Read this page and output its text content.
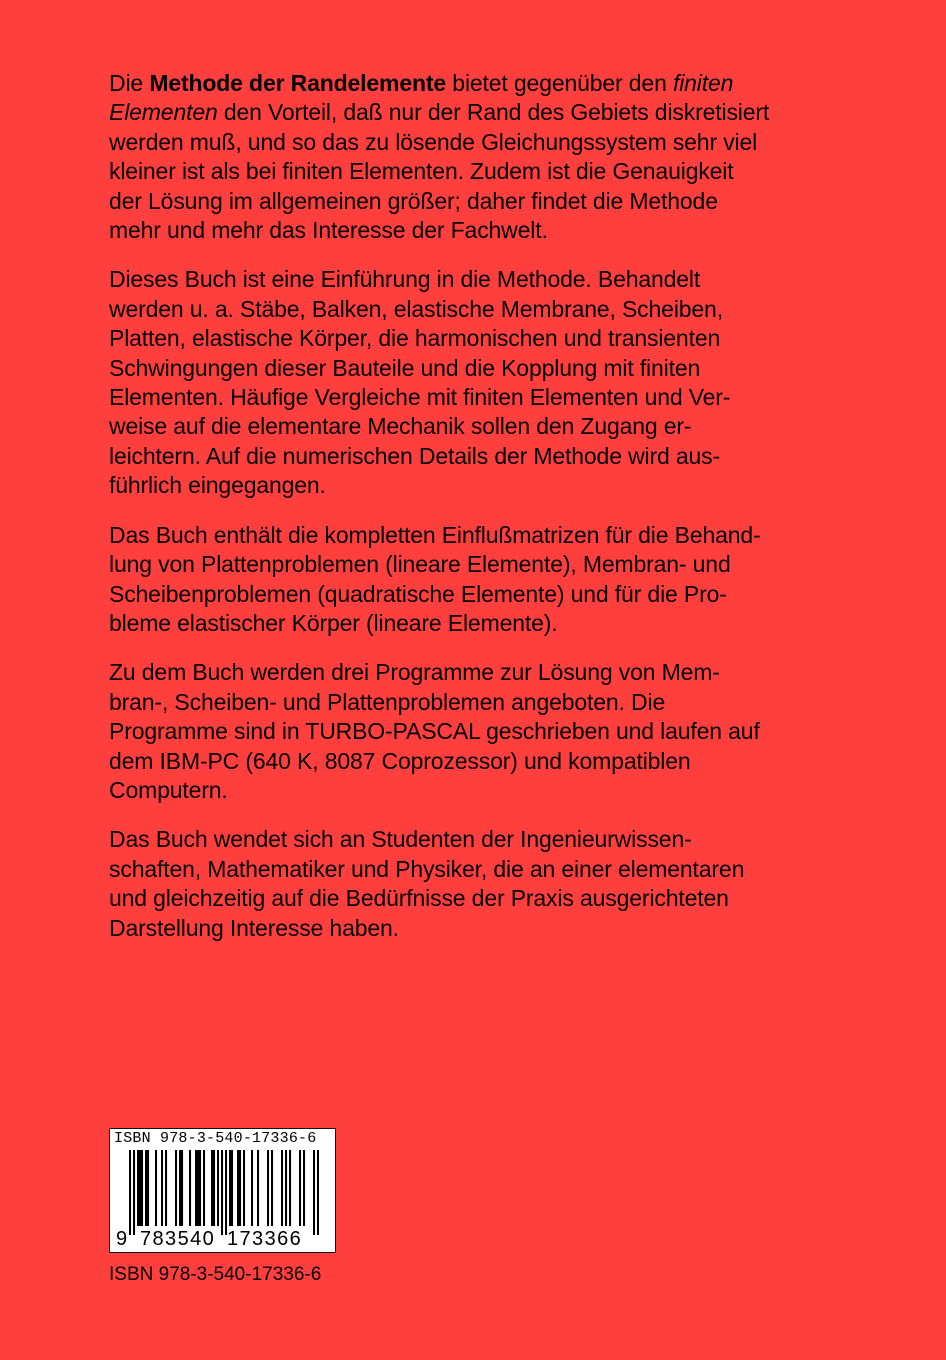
Die Methode der Randelemente bietet gegenüber den finiten
Elementen den Vorteil, daß nur der Rand des Gebiets diskretisiert
werden muß, und so das zu lösende Gleichungssystem sehr viel
kleiner ist als bei finiten Elementen. Zudem ist die Genauigkeit
der Lösung im allgemeinen größer; daher findet die Methode
mehr und mehr das Interesse der Fachwelt.

Dieses Buch ist eine Einführung in die Methode. Behandelt
werden u. a. Stäbe, Balken, elastische Membrane, Scheiben,
Platten, elastische Körper, die harmonischen und transienten
Schwingungen dieser Bauteile und die Kopplung mit finiten
Elementen. Häufige Vergleiche mit finiten Elementen und Ver-
weise auf die elementare Mechanik sollen den Zugang er-
leichtern. Auf die numerischen Details der Methode wird aus-
führlich eingegangen.

Das Buch enthält die kompletten Einflußmatrizen für die Behand-
lung von Plattenproblemen (lineare Elemente), Membran- und
Scheibenproblemen (quadratische Elemente) und für die Pro-
bleme elastischer Körper (lineare Elemente).

Zu dem Buch werden drei Programme zur Lösung von Mem-
bran-, Scheiben- und Plattenproblemen angeboten. Die
Programme sind in TURBO-PASCAL geschrieben und laufen auf
dem IBM-PC (640 K, 8087 Coprozessor) und kompatiblen
Computern.

Das Buch wendet sich an Studenten der Ingenieurwissen-
schaften, Mathematiker und Physiker, die an einer elementaren
und gleichzeitig auf die Bedürfnisse der Praxis ausgerichteten
Darstellung Interesse haben.

ISBN 978-3-540-17336-6
9 783540 173366
ISBN 978-3-540-17336-6
